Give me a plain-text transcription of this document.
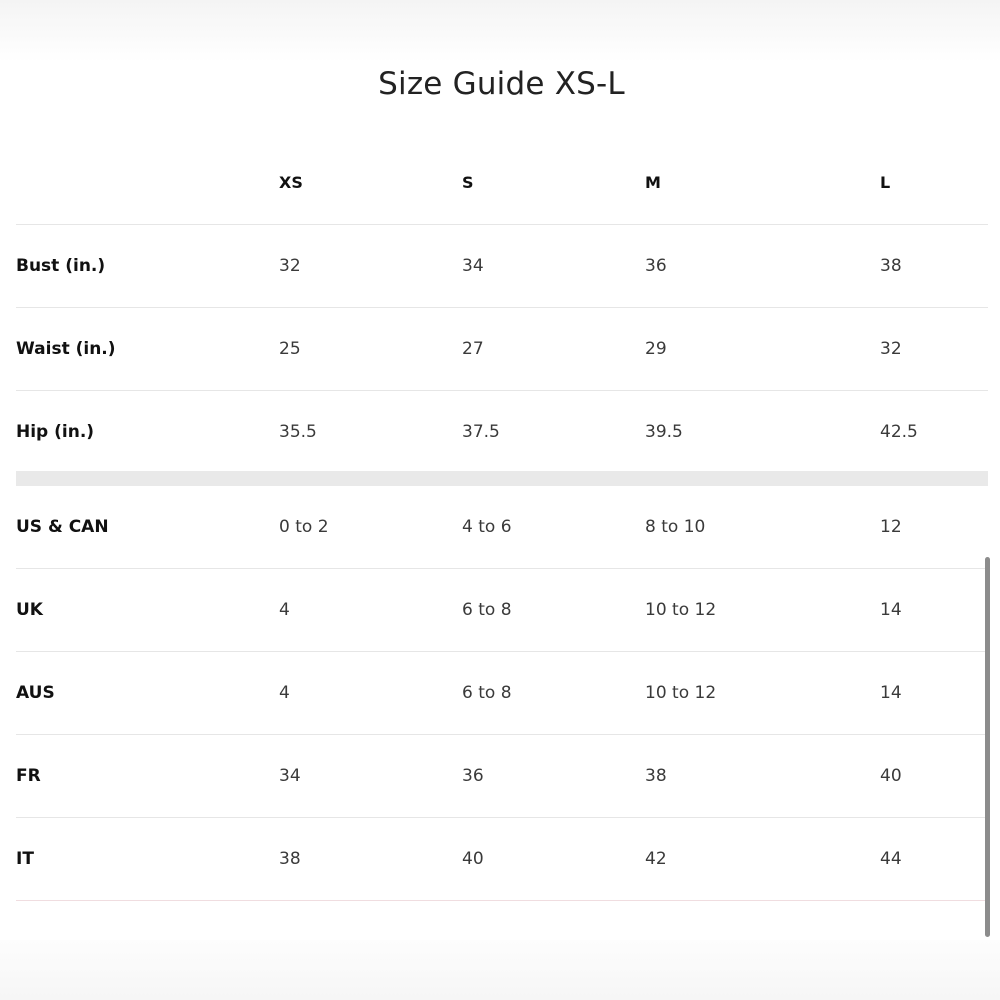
Size Guide XS-L
XS	S	M	L
Bust (in.)	32	34	36	38
Waist (in.)	25	27	29	32
Hip (in.)	35.5	37.5	39.5	42.5
US & CAN	0 to 2	4 to 6	8 to 10	12
UK	4	6 to 8	10 to 12	14
AUS	4	6 to 8	10 to 12	14
FR	34	36	38	40
IT	38	40	42	44
